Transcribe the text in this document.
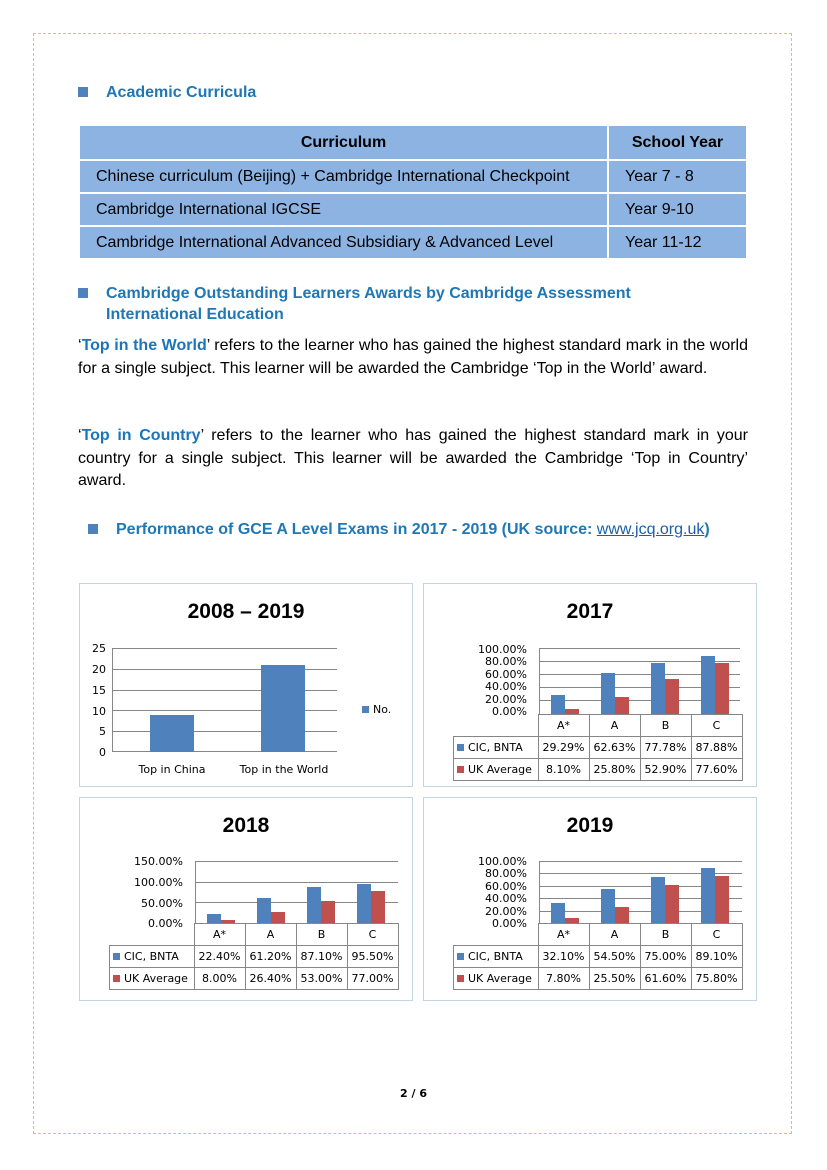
Academic Curricula
Curriculum	School Year
Chinese curriculum (Beijing) + Cambridge International Checkpoint	Year 7 - 8
Cambridge International IGCSE	Year 9-10
Cambridge International Advanced Subsidiary & Advanced Level	Year 11-12
Cambridge Outstanding Learners Awards by Cambridge Assessment
International Education

‘Top in the World’ refers to the learner who has gained the highest standard mark in the world for a single subject. This learner will be awarded the Cambridge ‘Top in the World’ award.

‘Top in Country’ refers to the learner who has gained the highest standard mark in your country for a single subject. This learner will be awarded the Cambridge ‘Top in Country’ award.

Performance of GCE A Level Exams in 2017 - 2019 (UK source: www.jcq.org.uk)
2008 – 2019
25
20
15
10
5
0
Top in China	Top in the World
No.
2017
100.00%
80.00%
60.00%
40.00%
20.00%
0.00%
	A*	A	B	C
CIC, BNTA	29.29%	62.63%	77.78%	87.88%
UK Average	8.10%	25.80%	52.90%	77.60%
2018
150.00%
100.00%
50.00%
0.00%
	A*	A	B	C
CIC, BNTA	22.40%	61.20%	87.10%	95.50%
UK Average	8.00%	26.40%	53.00%	77.00%
2019
100.00%
80.00%
60.00%
40.00%
20.00%
0.00%
	A*	A	B	C
CIC, BNTA	32.10%	54.50%	75.00%	89.10%
UK Average	7.80%	25.50%	61.60%	75.80%
2 / 6
